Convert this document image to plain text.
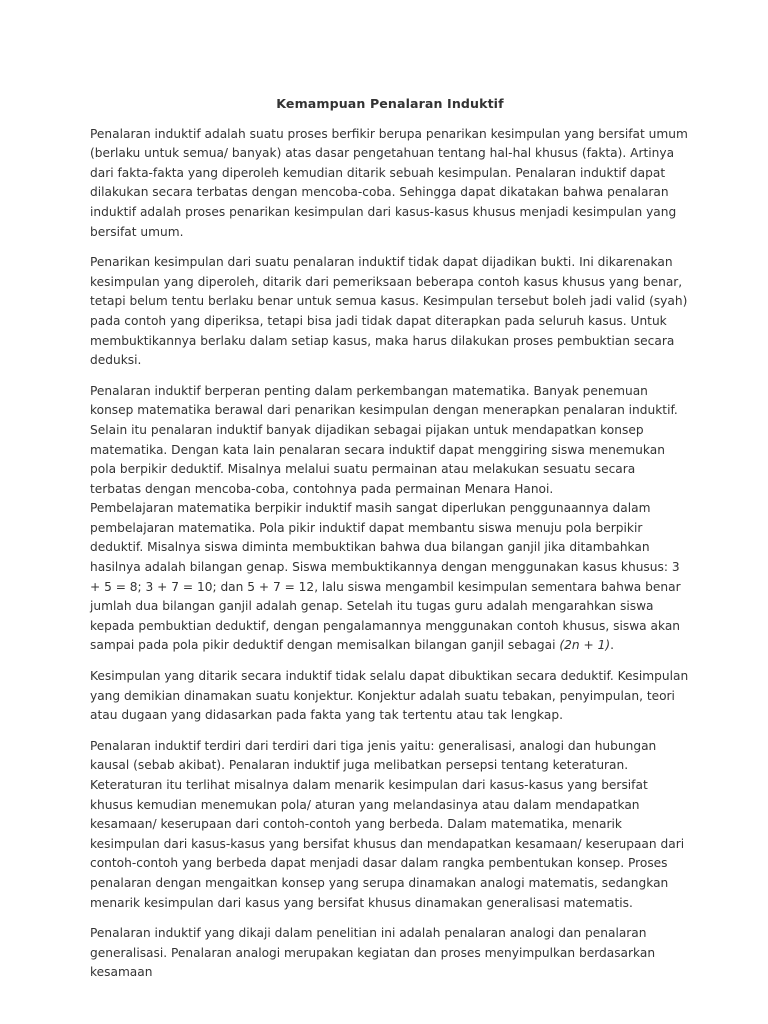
Kemampuan Penalaran Induktif

Penalaran induktif adalah suatu proses berfikir berupa penarikan kesimpulan yang bersifat umum (berlaku untuk semua/ banyak) atas dasar pengetahuan tentang hal-hal khusus (fakta). Artinya dari fakta-fakta yang diperoleh kemudian ditarik sebuah kesimpulan. Penalaran induktif dapat dilakukan secara terbatas dengan mencoba-coba. Sehingga dapat dikatakan bahwa penalaran induktif adalah proses penarikan kesimpulan dari kasus-kasus khusus menjadi kesimpulan yang bersifat umum.

Penarikan kesimpulan dari suatu penalaran induktif tidak dapat dijadikan bukti. Ini dikarenakan kesimpulan yang diperoleh, ditarik dari pemeriksaan beberapa contoh kasus khusus yang benar, tetapi belum tentu berlaku benar untuk semua kasus. Kesimpulan tersebut boleh jadi valid (syah) pada contoh yang diperiksa, tetapi bisa jadi tidak dapat diterapkan pada seluruh kasus. Untuk membuktikannya berlaku dalam setiap kasus, maka harus dilakukan proses pembuktian secara deduksi.

Penalaran induktif berperan penting dalam perkembangan matematika. Banyak penemuan konsep matematika berawal dari penarikan kesimpulan dengan menerapkan penalaran induktif. Selain itu penalaran induktif banyak dijadikan sebagai pijakan untuk mendapatkan konsep matematika. Dengan kata lain penalaran secara induktif dapat menggiring siswa menemukan pola berpikir deduktif. Misalnya melalui suatu permainan atau melakukan sesuatu secara terbatas dengan mencoba-coba, contohnya pada permainan Menara Hanoi.

Pembelajaran matematika berpikir induktif masih sangat diperlukan penggunaannya dalam pembelajaran matematika. Pola pikir induktif dapat membantu siswa menuju pola berpikir deduktif. Misalnya siswa diminta membuktikan bahwa dua bilangan ganjil jika ditambahkan hasilnya adalah bilangan genap. Siswa membuktikannya dengan menggunakan kasus khusus: 3 + 5 = 8; 3 + 7 = 10; dan 5 + 7 = 12, lalu siswa mengambil kesimpulan sementara bahwa benar jumlah dua bilangan ganjil adalah genap. Setelah itu tugas guru adalah mengarahkan siswa kepada pembuktian deduktif, dengan pengalamannya menggunakan contoh khusus, siswa akan sampai pada pola pikir deduktif dengan memisalkan bilangan ganjil sebagai (2n + 1).

Kesimpulan yang ditarik secara induktif tidak selalu dapat dibuktikan secara deduktif. Kesimpulan yang demikian dinamakan suatu konjektur. Konjektur adalah suatu tebakan, penyimpulan, teori atau dugaan yang didasarkan pada fakta yang tak tertentu atau tak lengkap.

Penalaran induktif terdiri dari terdiri dari tiga jenis yaitu: generalisasi, analogi dan hubungan kausal (sebab akibat). Penalaran induktif juga melibatkan persepsi tentang keteraturan. Keteraturan itu terlihat misalnya dalam menarik kesimpulan dari kasus-kasus yang bersifat khusus kemudian menemukan pola/ aturan yang melandasinya atau dalam mendapatkan kesamaan/ keserupaan dari contoh-contoh yang berbeda. Dalam matematika, menarik kesimpulan dari kasus-kasus yang bersifat khusus dan mendapatkan kesamaan/ keserupaan dari contoh-contoh yang berbeda dapat menjadi dasar dalam rangka pembentukan konsep. Proses penalaran dengan mengaitkan konsep yang serupa dinamakan analogi matematis, sedangkan menarik kesimpulan dari kasus yang bersifat khusus dinamakan generalisasi matematis.

Penalaran induktif yang dikaji dalam penelitian ini adalah penalaran analogi dan penalaran generalisasi. Penalaran analogi merupakan kegiatan dan proses menyimpulkan berdasarkan kesamaan
